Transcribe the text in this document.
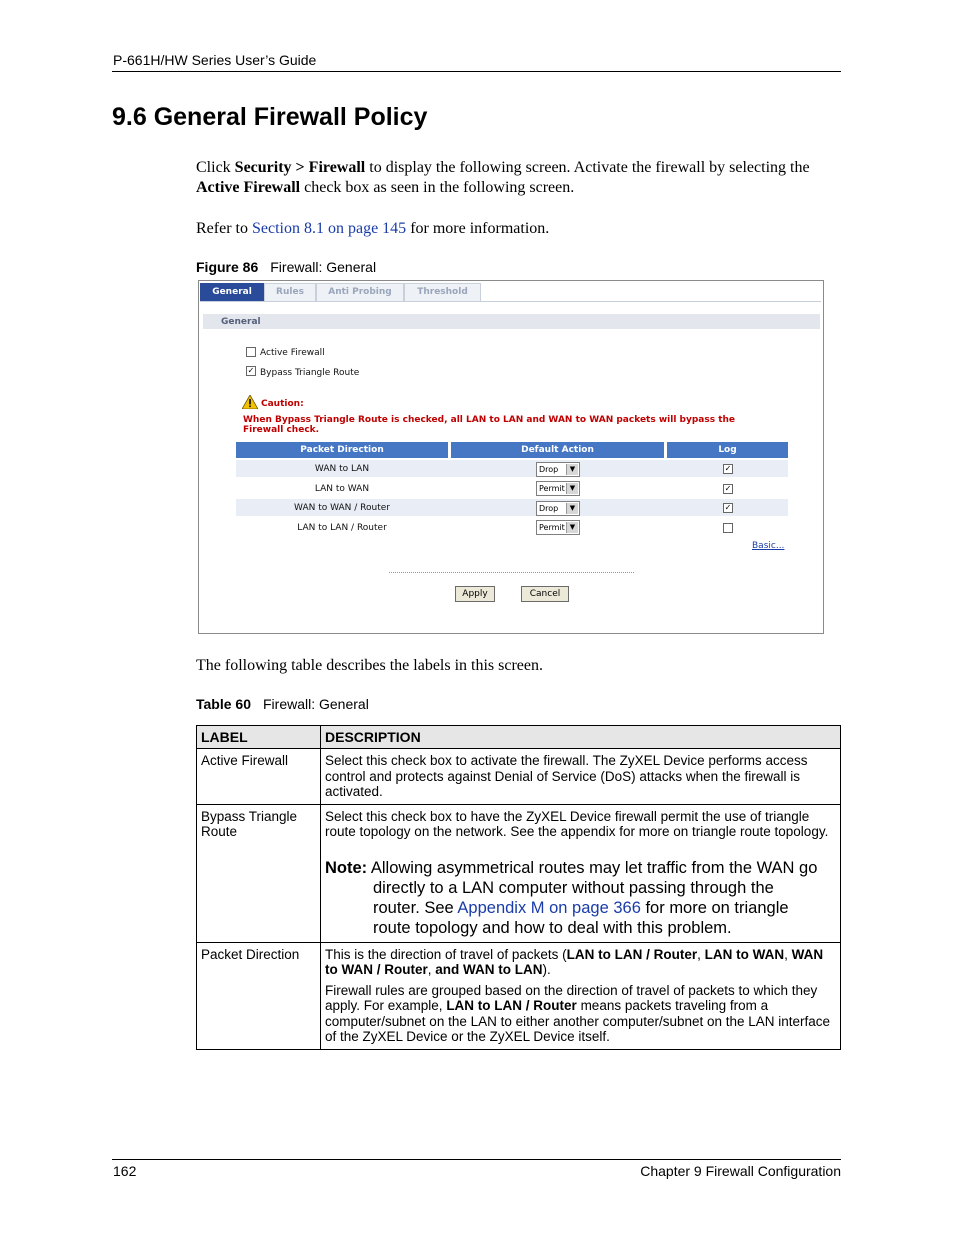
P-661H/HW Series User’s Guide
9.6 General Firewall Policy
Click Security > Firewall to display the following screen. Activate the firewall by selecting the Active Firewall check box as seen in the following screen.
Refer to Section 8.1 on page 145 for more information.
Figure 86 Firewall: General
General	Rules	Anti Probing	Threshold
General
Active Firewall
✓ Bypass Triangle Route
Caution:
When Bypass Triangle Route is checked, all LAN to LAN and WAN to WAN packets will bypass the
Firewall check.
Packet Direction	Default Action	Log
WAN to LAN	Drop	▼	✓
LAN to WAN	Permit ▼	✓
WAN to WAN / Router	Drop	▼	✓
LAN to LAN / Router	Permit ▼
Basic...
Apply	Cancel
The following table describes the labels in this screen.
Table 60 Firewall: General
LABEL	DESCRIPTION
Active Firewall	Select this check box to activate the firewall. The ZyXEL Device performs access control and protects against Denial of Service (DoS) attacks when the firewall is activated.
Bypass Triangle Route	Select this check box to have the ZyXEL Device firewall permit the use of triangle route topology on the network. See the appendix for more on triangle route topology.
Note: Allowing asymmetrical routes may let traffic from the WAN go
directly to a LAN computer without passing through the
router. See Appendix M on page 366 for more on triangle
route topology and how to deal with this problem.

Packet Direction	This is the direction of travel of packets (LAN to LAN / Router, LAN to WAN, WAN to WAN / Router, and WAN to LAN).

Firewall rules are grouped based on the direction of travel of packets to which they apply. For example, LAN to LAN / Router means packets traveling from a computer/subnet on the LAN to either another computer/subnet on the LAN interface of the ZyXEL Device or the ZyXEL Device itself.

162	Chapter 9 Firewall Configuration
